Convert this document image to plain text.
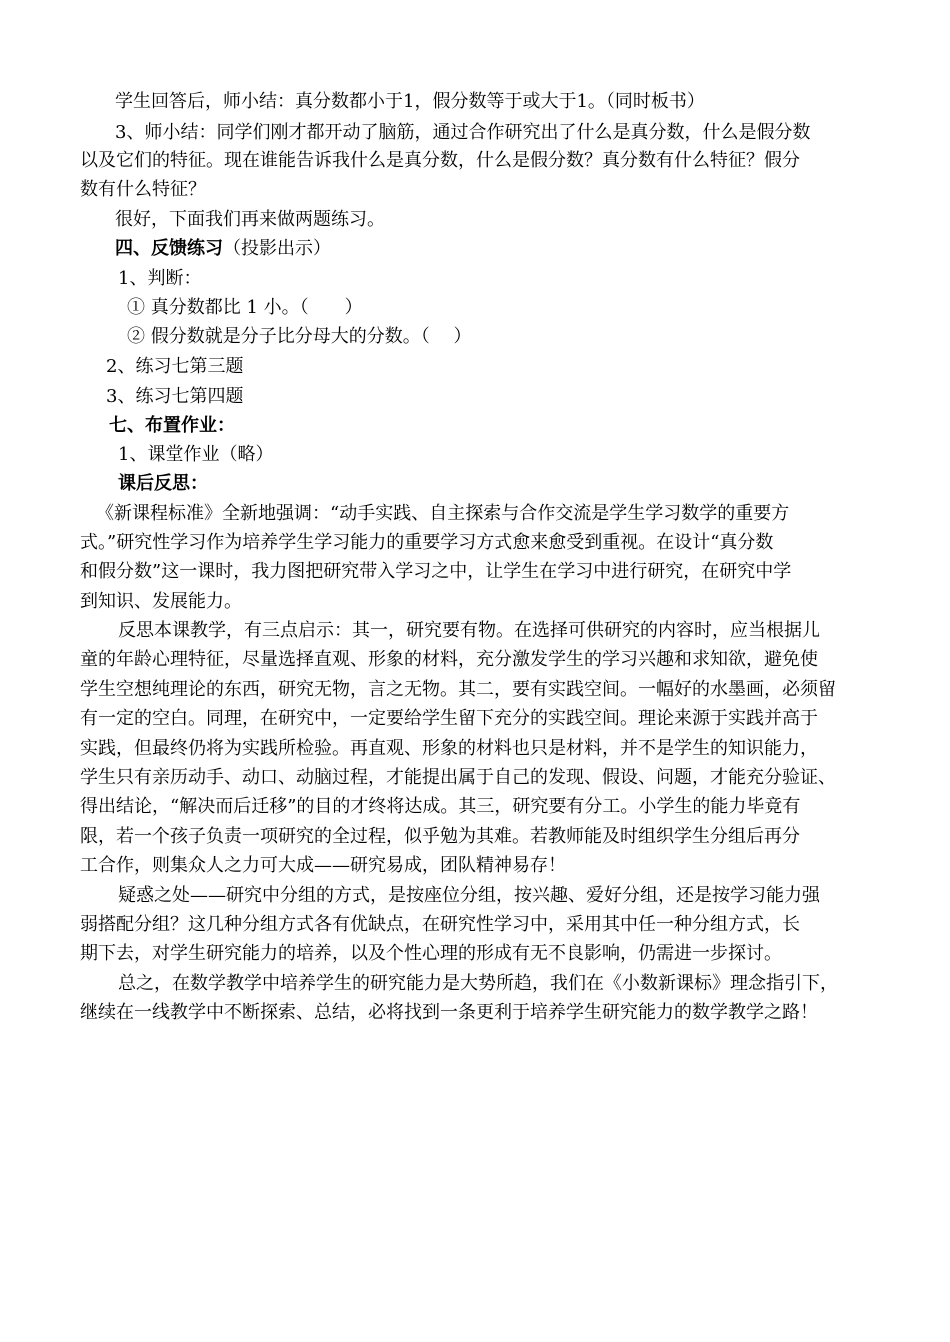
学生回答后，师小结：真分数都小于1，假分数等于或大于1。（同时板书）
3、师小结：同学们刚才都开动了脑筋，通过合作研究出了什么是真分数，什么是假分数
以及它们的特征。现在谁能告诉我什么是真分数，什么是假分数？真分数有什么特征？假分
数有什么特征？
很好，下面我们再来做两题练习。
四、反馈练习（投影出示）
1、判断：
① 真分数都比 1 小。（　　）
② 假分数就是分子比分母大的分数。（　 ）
2、练习七第三题
3、练习七第四题
七、布置作业：
1、课堂作业（略）
课后反思：
《新课程标准》全新地强调：“动手实践、自主探索与合作交流是学生学习数学的重要方
式。”研究性学习作为培养学生学习能力的重要学习方式愈来愈受到重视。在设计“真分数
和假分数”这一课时，我力图把研究带入学习之中，让学生在学习中进行研究，在研究中学
到知识、发展能力。
反思本课教学，有三点启示：其一，研究要有物。在选择可供研究的内容时，应当根据儿
童的年龄心理特征，尽量选择直观、形象的材料，充分激发学生的学习兴趣和求知欲，避免使
学生空想纯理论的东西，研究无物，言之无物。其二，要有实践空间。一幅好的水墨画，必须留
有一定的空白。同理，在研究中，一定要给学生留下充分的实践空间。理论来源于实践并高于
实践，但最终仍将为实践所检验。再直观、形象的材料也只是材料，并不是学生的知识能力，
学生只有亲历动手、动口、动脑过程，才能提出属于自己的发现、假设、问题，才能充分验证、
得出结论，“解决而后迁移”的目的才终将达成。其三，研究要有分工。小学生的能力毕竟有
限，若一个孩子负责一项研究的全过程，似乎勉为其难。若教师能及时组织学生分组后再分
工合作，则集众人之力可大成——研究易成，团队精神易存！
疑惑之处——研究中分组的方式，是按座位分组，按兴趣、爱好分组，还是按学习能力强
弱搭配分组？这几种分组方式各有优缺点，在研究性学习中，采用其中任一种分组方式，长
期下去，对学生研究能力的培养，以及个性心理的形成有无不良影响，仍需进一步探讨。
总之，在数学教学中培养学生的研究能力是大势所趋，我们在《小数新课标》理念指引下，
继续在一线教学中不断探索、总结，必将找到一条更利于培养学生研究能力的数学教学之路！
